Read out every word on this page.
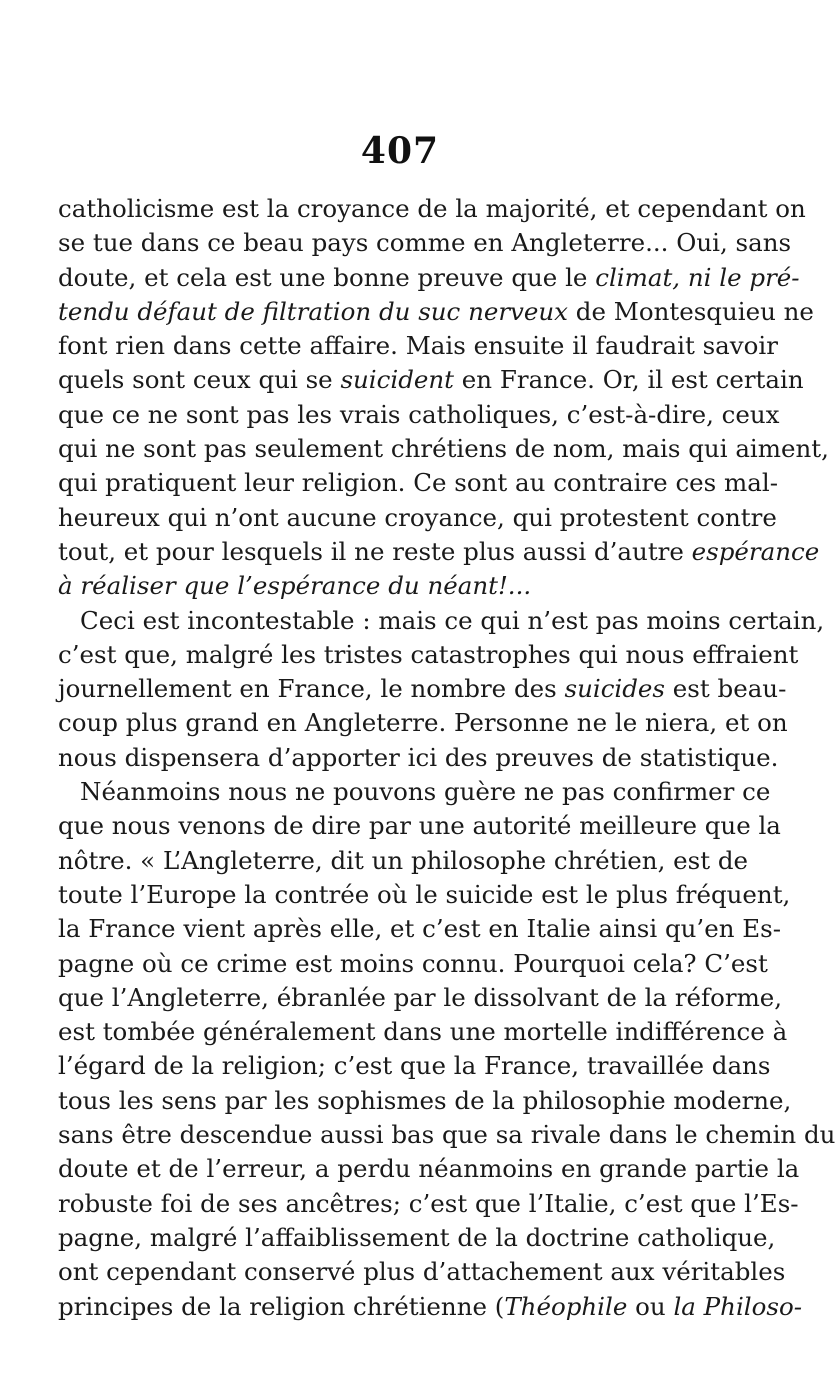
407
catholicisme est la croyance de la majorité, et cependant on
se tue dans ce beau pays comme en Angleterre... Oui, sans
doute, et cela est une bonne preuve que le climat, ni le pré-
tendu défaut de filtration du suc nerveux de Montesquieu ne
font rien dans cette affaire. Mais ensuite il faudrait savoir
quels sont ceux qui se suicident en France. Or, il est certain
que ce ne sont pas les vrais catholiques, c’est-à-dire, ceux
qui ne sont pas seulement chrétiens de nom, mais qui aiment,
qui pratiquent leur religion. Ce sont au contraire ces mal-
heureux qui n’ont aucune croyance, qui protestent contre
tout, et pour lesquels il ne reste plus aussi d’autre espérance
à réaliser que l’espérance du néant!...
Ceci est incontestable : mais ce qui n’est pas moins certain,
c’est que, malgré les tristes catastrophes qui nous effraient
journellement en France, le nombre des suicides est beau-
coup plus grand en Angleterre. Personne ne le niera, et on
nous dispensera d’apporter ici des preuves de statistique.
Néanmoins nous ne pouvons guère ne pas confirmer ce
que nous venons de dire par une autorité meilleure que la
nôtre. « L’Angleterre, dit un philosophe chrétien, est de
toute l’Europe la contrée où le suicide est le plus fréquent,
la France vient après elle, et c’est en Italie ainsi qu’en Es-
pagne où ce crime est moins connu. Pourquoi cela? C’est
que l’Angleterre, ébranlée par le dissolvant de la réforme,
est tombée généralement dans une mortelle indifférence à
l’égard de la religion; c’est que la France, travaillée dans
tous les sens par les sophismes de la philosophie moderne,
sans être descendue aussi bas que sa rivale dans le chemin du
doute et de l’erreur, a perdu néanmoins en grande partie la
robuste foi de ses ancêtres; c’est que l’Italie, c’est que l’Es-
pagne, malgré l’affaiblissement de la doctrine catholique,
ont cependant conservé plus d’attachement aux véritables
principes de la religion chrétienne (Théophile ou la Philoso-
